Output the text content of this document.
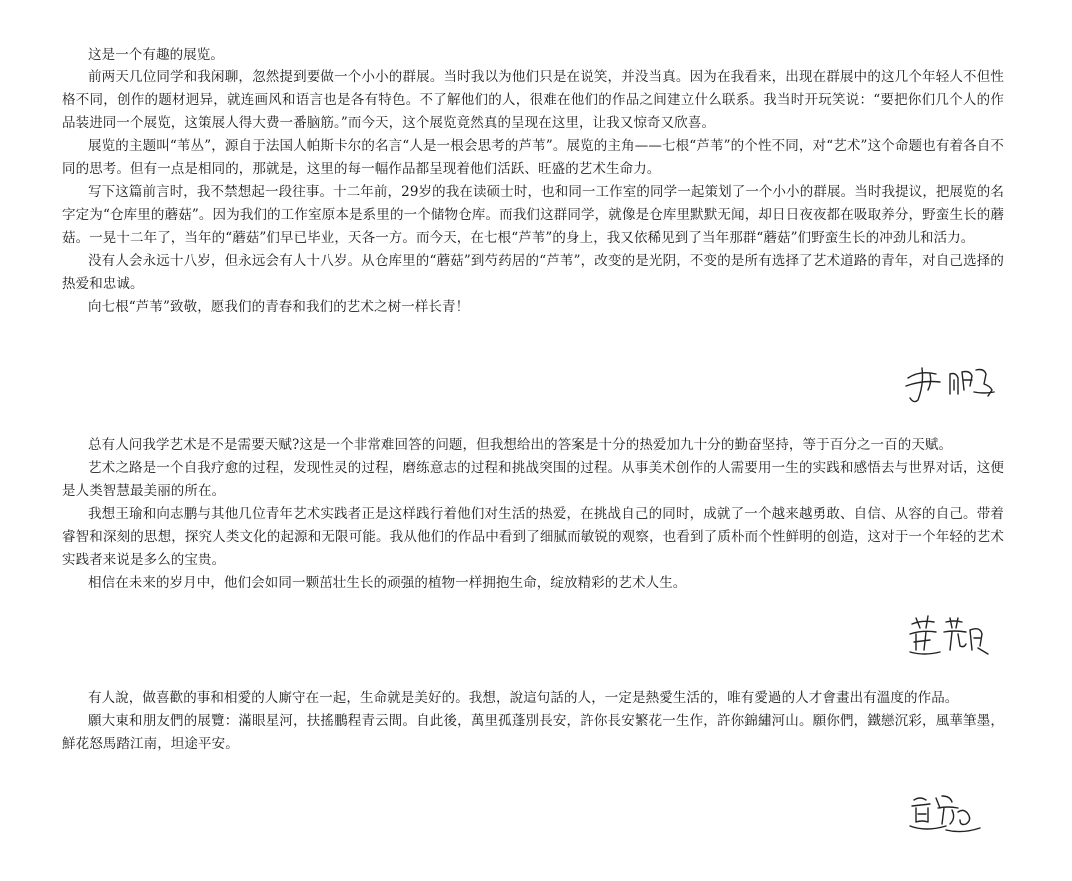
这是一个有趣的展览。

前两天几位同学和我闲聊，忽然提到要做一个小小的群展。当时我以为他们只是在说笑，并没当真。因为在我看来，出现在群展中的这几个年轻人不但性格不同，创作的题材迥异，就连画风和语言也是各有特色。不了解他们的人，很难在他们的作品之间建立什么联系。我当时开玩笑说：“要把你们几个人的作品装进同一个展览，这策展人得大费一番脑筋。”而今天，这个展览竟然真的呈现在这里，让我又惊奇又欣喜。

展览的主题叫“苇丛”，源自于法国人帕斯卡尔的名言“人是一根会思考的芦苇”。展览的主角——七根“芦苇”的个性不同，对“艺术”这个命题也有着各自不同的思考。但有一点是相同的，那就是，这里的每一幅作品都呈现着他们活跃、旺盛的艺术生命力。

写下这篇前言时，我不禁想起一段往事。十二年前，29岁的我在读硕士时，也和同一工作室的同学一起策划了一个小小的群展。当时我提议，把展览的名字定为“仓库里的蘑菇”。因为我们的工作室原本是系里的一个储物仓库。而我们这群同学，就像是仓库里默默无闻，却日日夜夜都在吸取养分，野蛮生长的蘑菇。一晃十二年了，当年的“蘑菇”们早已毕业，天各一方。而今天，在七根“芦苇”的身上，我又依稀见到了当年那群“蘑菇”们野蛮生长的冲劲儿和活力。

没有人会永远十八岁，但永远会有人十八岁。从仓库里的“蘑菇”到芍药居的“芦苇”，改变的是光阴，不变的是所有选择了艺术道路的青年，对自己选择的热爱和忠诚。

向七根“芦苇”致敬，愿我们的青春和我们的艺术之树一样长青！

总有人问我学艺术是不是需要天赋?这是一个非常难回答的问题，但我想给出的答案是十分的热爱加九十分的勤奋坚持，等于百分之一百的天赋。

艺术之路是一个自我疗愈的过程，发现性灵的过程，磨练意志的过程和挑战突围的过程。从事美术创作的人需要用一生的实践和感悟去与世界对话，这便是人类智慧最美丽的所在。

我想王瑜和向志鹏与其他几位青年艺术实践者正是这样践行着他们对生活的热爱，在挑战自己的同时，成就了一个越来越勇敢、自信、从容的自己。带着睿智和深刻的思想，探究人类文化的起源和无限可能。我从他们的作品中看到了细腻而敏锐的观察，也看到了质朴而个性鲜明的创造，这对于一个年轻的艺术实践者来说是多么的宝贵。

相信在未来的岁月中，他们会如同一颗茁壮生长的顽强的植物一样拥抱生命，绽放精彩的艺术人生。

有人說，做喜歡的事和相愛的人廝守在一起，生命就是美好的。我想，說這句話的人，一定是熱愛生活的，唯有愛過的人才會畫出有溫度的作品。

願大東和朋友們的展覽：滿眼星河，扶搖鵬程青云間。自此後，萬里孤蓬別長安，許你長安繁花一生作，許你錦繡河山。願你們，鐵戀沉彩，風華筆墨，鮮花怒馬踏江南，坦途平安。
